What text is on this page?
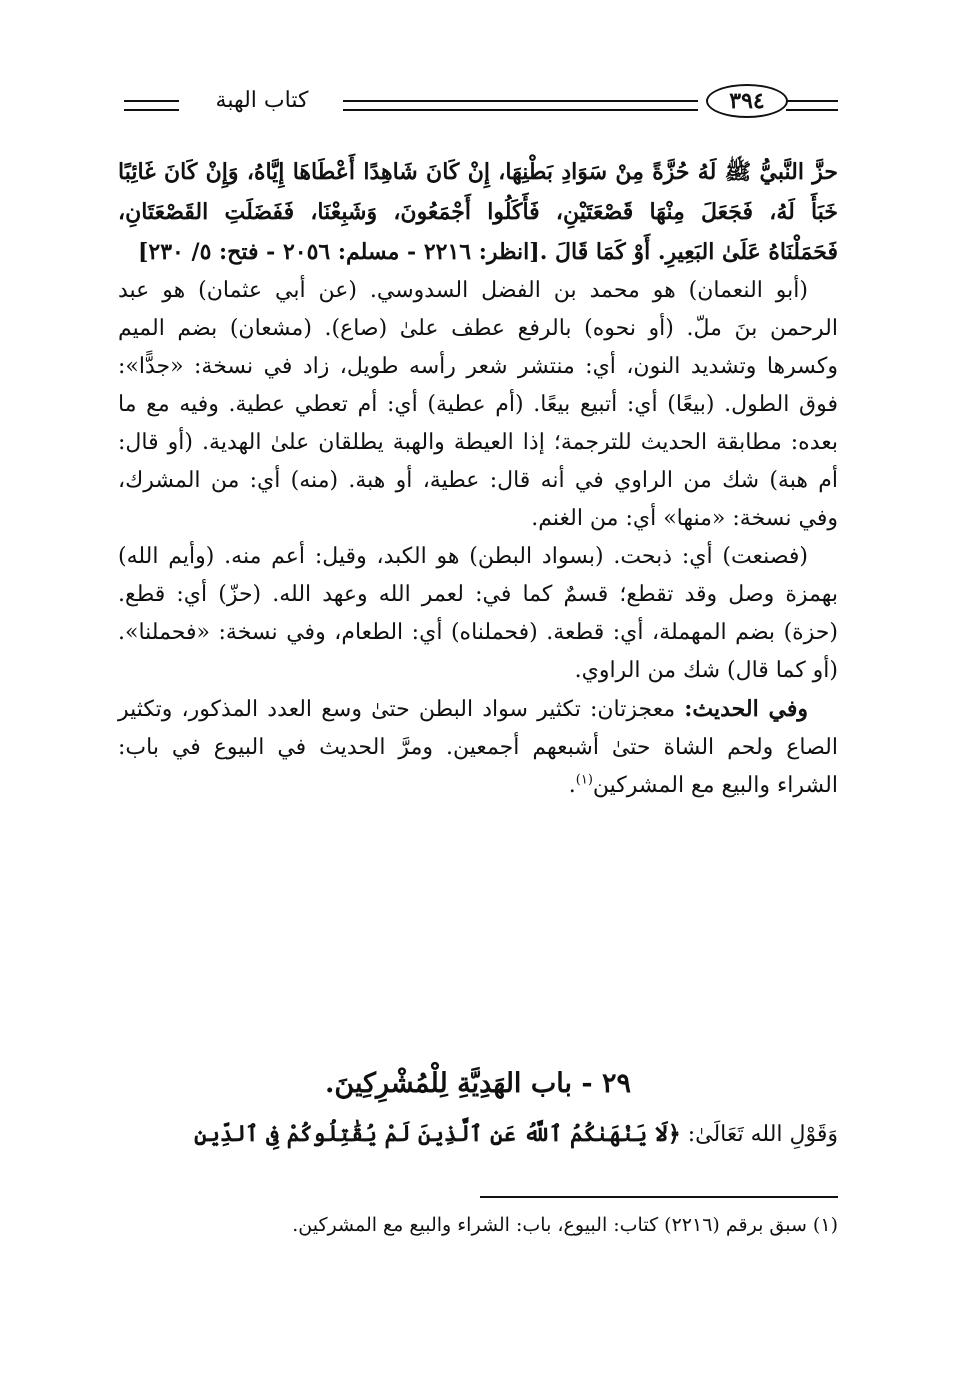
كتاب الهبة	٣٩٤

حزَّ النَّبيُّ ﷺ لَهُ حُزَّةً مِنْ سَوَادِ بَطْنِهَا، إِنْ كَانَ شَاهِدًا أَعْطَاهَا إِيَّاهُ، وَإِنْ كَانَ غَائِبًا خَبَأَ لَهُ، فَجَعَلَ مِنْهَا قَصْعَتَيْنِ، فَأَكَلُوا أَجْمَعُونَ، وَشَبِعْنَا، فَفَضَلَتِ القَصْعَتَانِ، فَحَمَلْنَاهُ عَلَىٰ البَعِيرِ. أَوْ كَمَا قَالَ .[انظر: ٢٢١٦ - مسلم: ٢٠٥٦ - فتح: ٥/ ٢٣٠]

(أبو النعمان) هو محمد بن الفضل السدوسي. (عن أبي عثمان) هو عبد الرحمن بنَ ملّ. (أو نحوه) بالرفع عطف علىٰ (صاع). (مشعان) بضم الميم وكسرها وتشديد النون، أي: منتشر شعر رأسه طويل، زاد في نسخة: «جدًّا»: فوق الطول. (بيعًا) أي: أتبيع بيعًا. (أم عطية) أي: أم تعطي عطية. وفيه مع ما بعده: مطابقة الحديث للترجمة؛ إذا العيطة والهبة يطلقان علىٰ الهدية. (أو قال: أم هبة) شك من الراوي في أنه قال: عطية، أو هبة. (منه) أي: من المشرك، وفي نسخة: «منها» أي: من الغنم.

(فصنعت) أي: ذبحت. (بسواد البطن) هو الكبد، وقيل: أعم منه. (وأيم الله) بهمزة وصل وقد تقطع؛ قسمٌ كما في: لعمر الله وعهد الله. (حزّ) أي: قطع. (حزة) بضم المهملة، أي: قطعة. (فحملناه) أي: الطعام، وفي نسخة: «فحملنا». (أو كما قال) شك من الراوي.

وفي الحديث: معجزتان: تكثير سواد البطن حتىٰ وسع العدد المذكور، وتكثير الصاع ولحم الشاة حتىٰ أشبعهم أجمعين. ومرَّ الحديث في البيوع في باب: الشراء والبيع مع المشركين$^{(١)}$.

٢٩ - باب الهَدِيَّةِ لِلْمُشْرِكِينَ.
وَقَوْلِ الله تَعَالَىٰ: ﴿لَا يَنْهَىٰكُمُ ٱللَّهُ عَنِ ٱلَّذِينَ لَمْ يُقَٰتِلُوكُمْ فِى ٱلدِّينِ
(١) سبق برقم (٢٢١٦) كتاب: البيوع، باب: الشراء والبيع مع المشركين.
